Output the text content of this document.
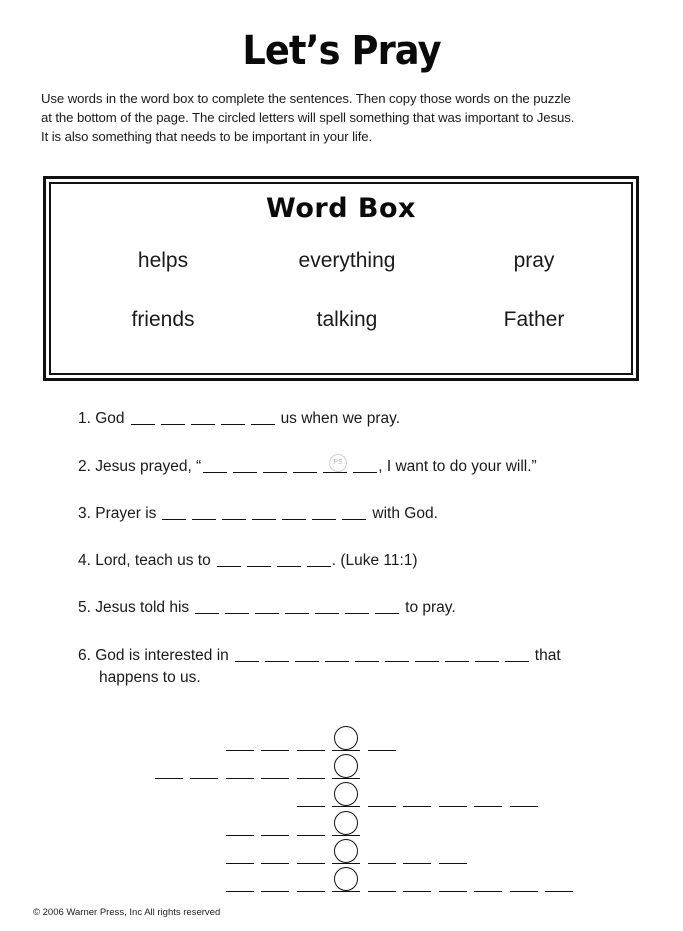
Let’s Pray

Use words in the word box to complete the sentences. Then copy those words on the puzzle

at the bottom of the page. The circled letters will spell something that was important to Jesus.

It is also something that needs to be important in your life.

Word Box
helps	everything	pray
friends	talking	Father
1.
God	us when we pray.
2.
Jesus prayed, “	, I want to do your will.”
PS
3.
Prayer is	with God.
4.
Lord, teach us to	. (Luke 11:1)
5.
Jesus told his	to pray.
6.
God is interested in	that
happens to us.
© 2006 Warner Press, Inc All rights reserved
